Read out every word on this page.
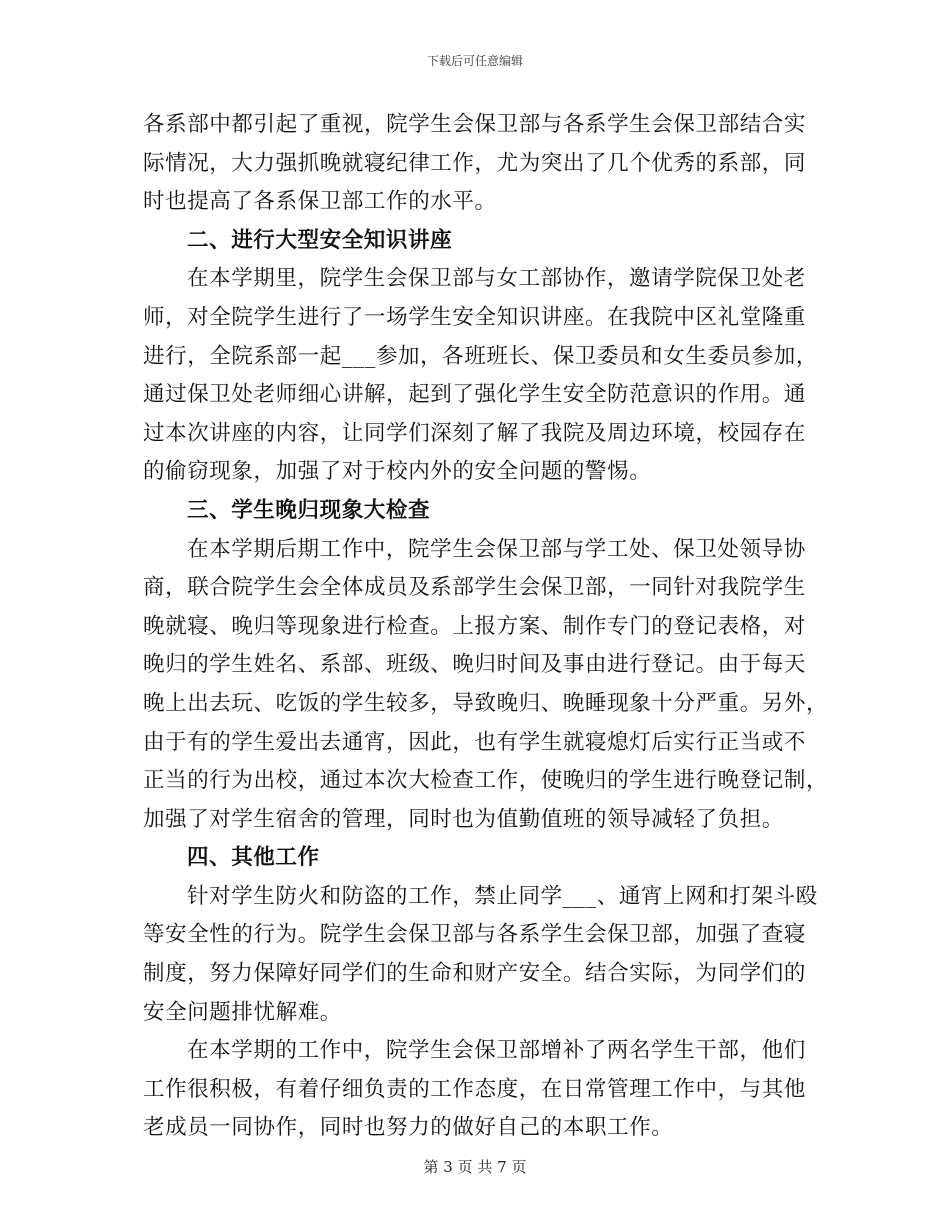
下载后可任意编辑
各系部中都引起了重视，院学生会保卫部与各系学生会保卫部结合实
际情况，大力强抓晚就寝纪律工作，尤为突出了几个优秀的系部，同
时也提高了各系保卫部工作的水平。
二、进行大型安全知识讲座
在本学期里，院学生会保卫部与女工部协作，邀请学院保卫处老
师，对全院学生进行了一场学生安全知识讲座。在我院中区礼堂隆重
进行，全院系部一起___参加，各班班长、保卫委员和女生委员参加，
通过保卫处老师细心讲解，起到了强化学生安全防范意识的作用。通
过本次讲座的内容，让同学们深刻了解了我院及周边环境，校园存在
的偷窃现象，加强了对于校内外的安全问题的警惕。
三、学生晚归现象大检查
在本学期后期工作中，院学生会保卫部与学工处、保卫处领导协
商，联合院学生会全体成员及系部学生会保卫部，一同针对我院学生
晚就寝、晚归等现象进行检查。上报方案、制作专门的登记表格，对
晚归的学生姓名、系部、班级、晚归时间及事由进行登记。由于每天
晚上出去玩、吃饭的学生较多，导致晚归、晚睡现象十分严重。另外，
由于有的学生爱出去通宵，因此，也有学生就寝熄灯后实行正当或不
正当的行为出校，通过本次大检查工作，使晚归的学生进行晚登记制，
加强了对学生宿舍的管理，同时也为值勤值班的领导减轻了负担。
四、其他工作
针对学生防火和防盗的工作，禁止同学___、通宵上网和打架斗殴
等安全性的行为。院学生会保卫部与各系学生会保卫部，加强了查寝
制度，努力保障好同学们的生命和财产安全。结合实际，为同学们的
安全问题排忧解难。
在本学期的工作中，院学生会保卫部增补了两名学生干部，他们
工作很积极，有着仔细负责的工作态度，在日常管理工作中，与其他
老成员一同协作，同时也努力的做好自己的本职工作。
第 3 页 共 7 页
